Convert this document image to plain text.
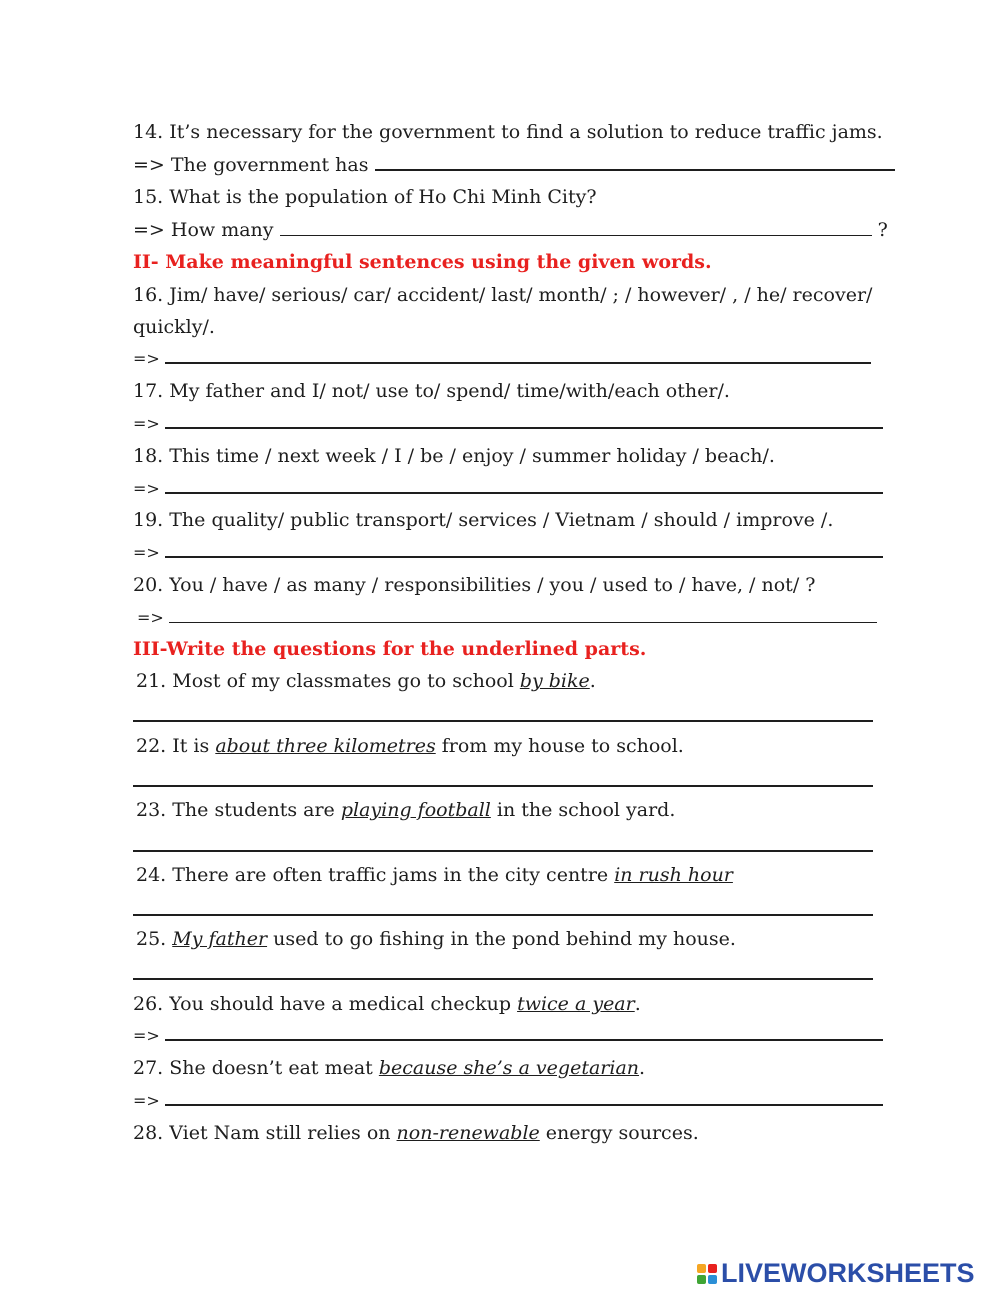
14. It’s necessary for the government to find a solution to reduce traffic jams.
=> The government has
15. What is the population of Ho Chi Minh City?
=> How many	?
II- Make meaningful sentences using the given words.
16. Jim/ have/ serious/ car/ accident/ last/ month/ ; / however/ , / he/ recover/
quickly/.
=>
17. My father and I/ not/ use to/ spend/ time/with/each other/.
=>
18. This time / next week / I / be / enjoy / summer holiday / beach/.
=>
19. The quality/ public transport/ services / Vietnam / should / improve /.
=>
20. You / have / as many / responsibilities / you / used to / have, / not/ ?
=>
III-Write the questions for the underlined parts.
21. Most of my classmates go to school by bike.
22. It is about three kilometres from my house to school.
23. The students are playing football in the school yard.
24. There are often traffic jams in the city centre in rush hour
25. My father used to go fishing in the pond behind my house.
26. You should have a medical checkup twice a year.
=>
27. She doesn’t eat meat because she’s a vegetarian.
=>
28. Viet Nam still relies on non-renewable energy sources.
LIVEWORKSHEETS
